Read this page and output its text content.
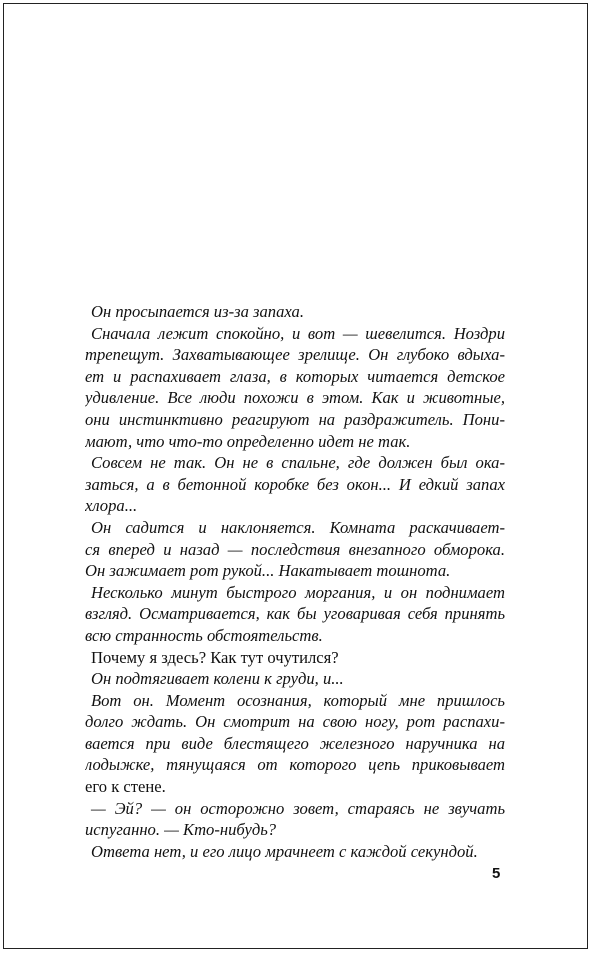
Он просыпается из-за запаха.
Сначала лежит спокойно, и вот — шевелится. Ноздри
трепещут. Захватывающее зрелище. Он глубоко вдыха-
ет и распахивает глаза, в которых читается детское
удивление. Все люди похожи в этом. Как и животные,
они инстинктивно реагируют на раздражитель. Пони-
мают, что что-то определенно идет не так.
Совсем не так. Он не в спальне, где должен был ока-
заться, а в бетонной коробке без окон... И едкий запах
хлора...
Он садится и наклоняется. Комната раскачивает-
ся вперед и назад — последствия внезапного обморока.
Он зажимает рот рукой... Накатывает тошнота.
Несколько минут быстрого моргания, и он поднимает
взгляд. Осматривается, как бы уговаривая себя принять
всю странность обстоятельств.
Почему я здесь? Как тут очутился?
Он подтягивает колени к груди, и...
Вот он. Момент осознания, который мне пришлось
долго ждать. Он смотрит на свою ногу, рот распахи-
вается при виде блестящего железного наручника на
лодыжке, тянущаяся от которого цепь приковывает
его к стене.
— Эй? — он осторожно зовет, стараясь не звучать
испуганно. — Кто-нибудь?
Ответа нет, и его лицо мрачнеет с каждой секундой.
5
